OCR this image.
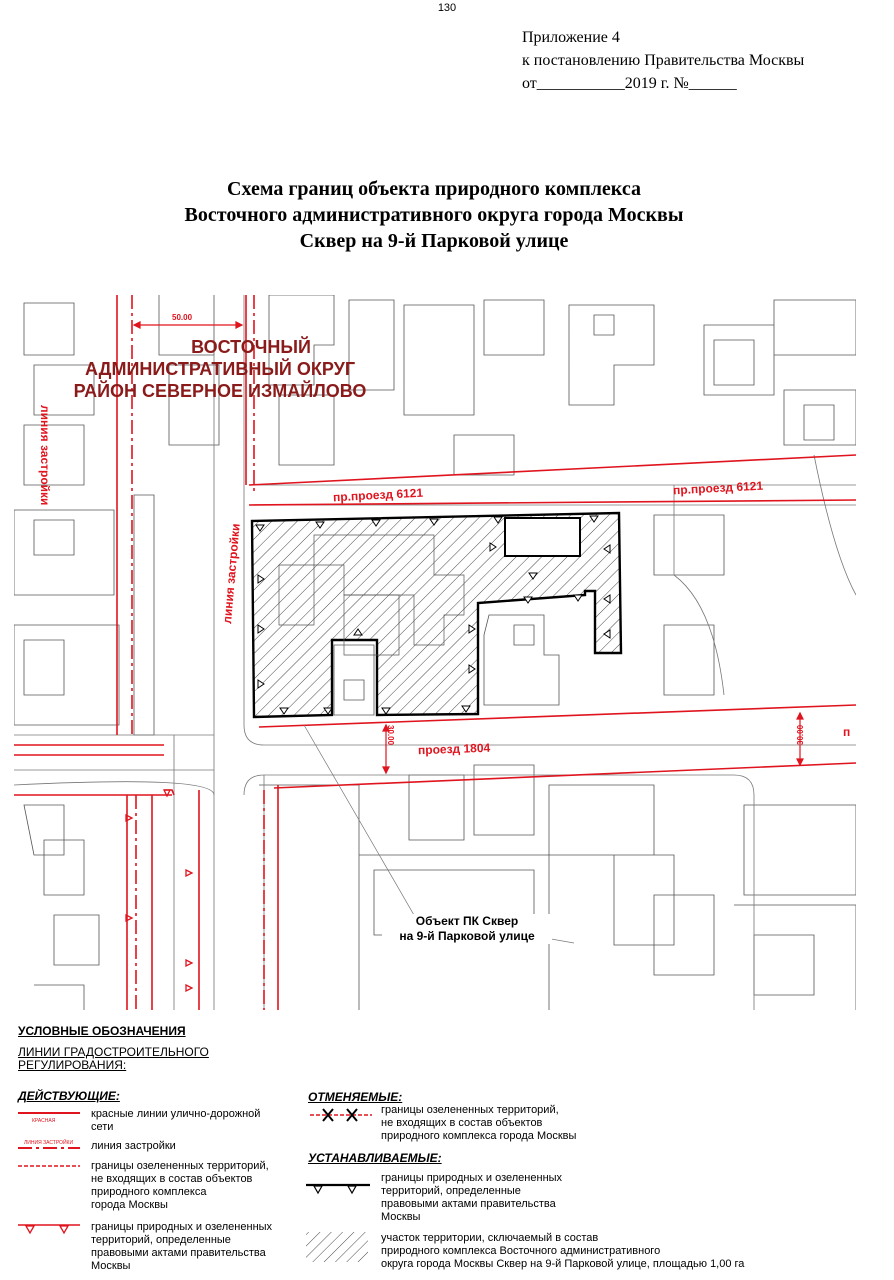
130
Приложение 4
к постановлению Правительства Москвы
от___________2019 г. №______
Схема границ объекта природного комплекса
Восточного административного округа города Москвы
Сквер на 9-й Парковой улице
ВОСТОЧНЫЙ
АДМИНИСТРАТИВНЫЙ ОКРУГ
РАЙОН СЕВЕРНОЕ ИЗМАЙЛОВО
50.00
пр.проезд 6121	пр.проезд 6121
проезд 1804
линия застройки
линия застройки
30.00	30.00	п
Объект ПК Сквер
на 9-й Парковой улице
УСЛОВНЫЕ ОБОЗНАЧЕНИЯ
ЛИНИИ ГРАДОСТРОИТЕЛЬНОГО
РЕГУЛИРОВАНИЯ:
ДЕЙСТВУЮЩИЕ:
КРАСНАЯ
ЛИНИЯ ЗАСТРОЙКИ
красные линии улично-дорожной
сети
линия застройки
границы озелененных территорий,
не входящих в состав объектов
природного комплекса
города Москвы
границы природных и озелененных
территорий, определенные
правовыми актами правительства
Москвы
ОТМЕНЯЕМЫЕ:
границы озелененных территорий,
не входящих в состав объектов
природного комплекса города Москвы
УСТАНАВЛИВАЕМЫЕ:
границы природных и озелененных
территорий, определенные
правовыми актами правительства
Москвы
участок территории, сключаемый в состав
природного комплекса Восточного административного
округа города Москвы Сквер на 9-й Парковой улице, площадью 1,00 га
